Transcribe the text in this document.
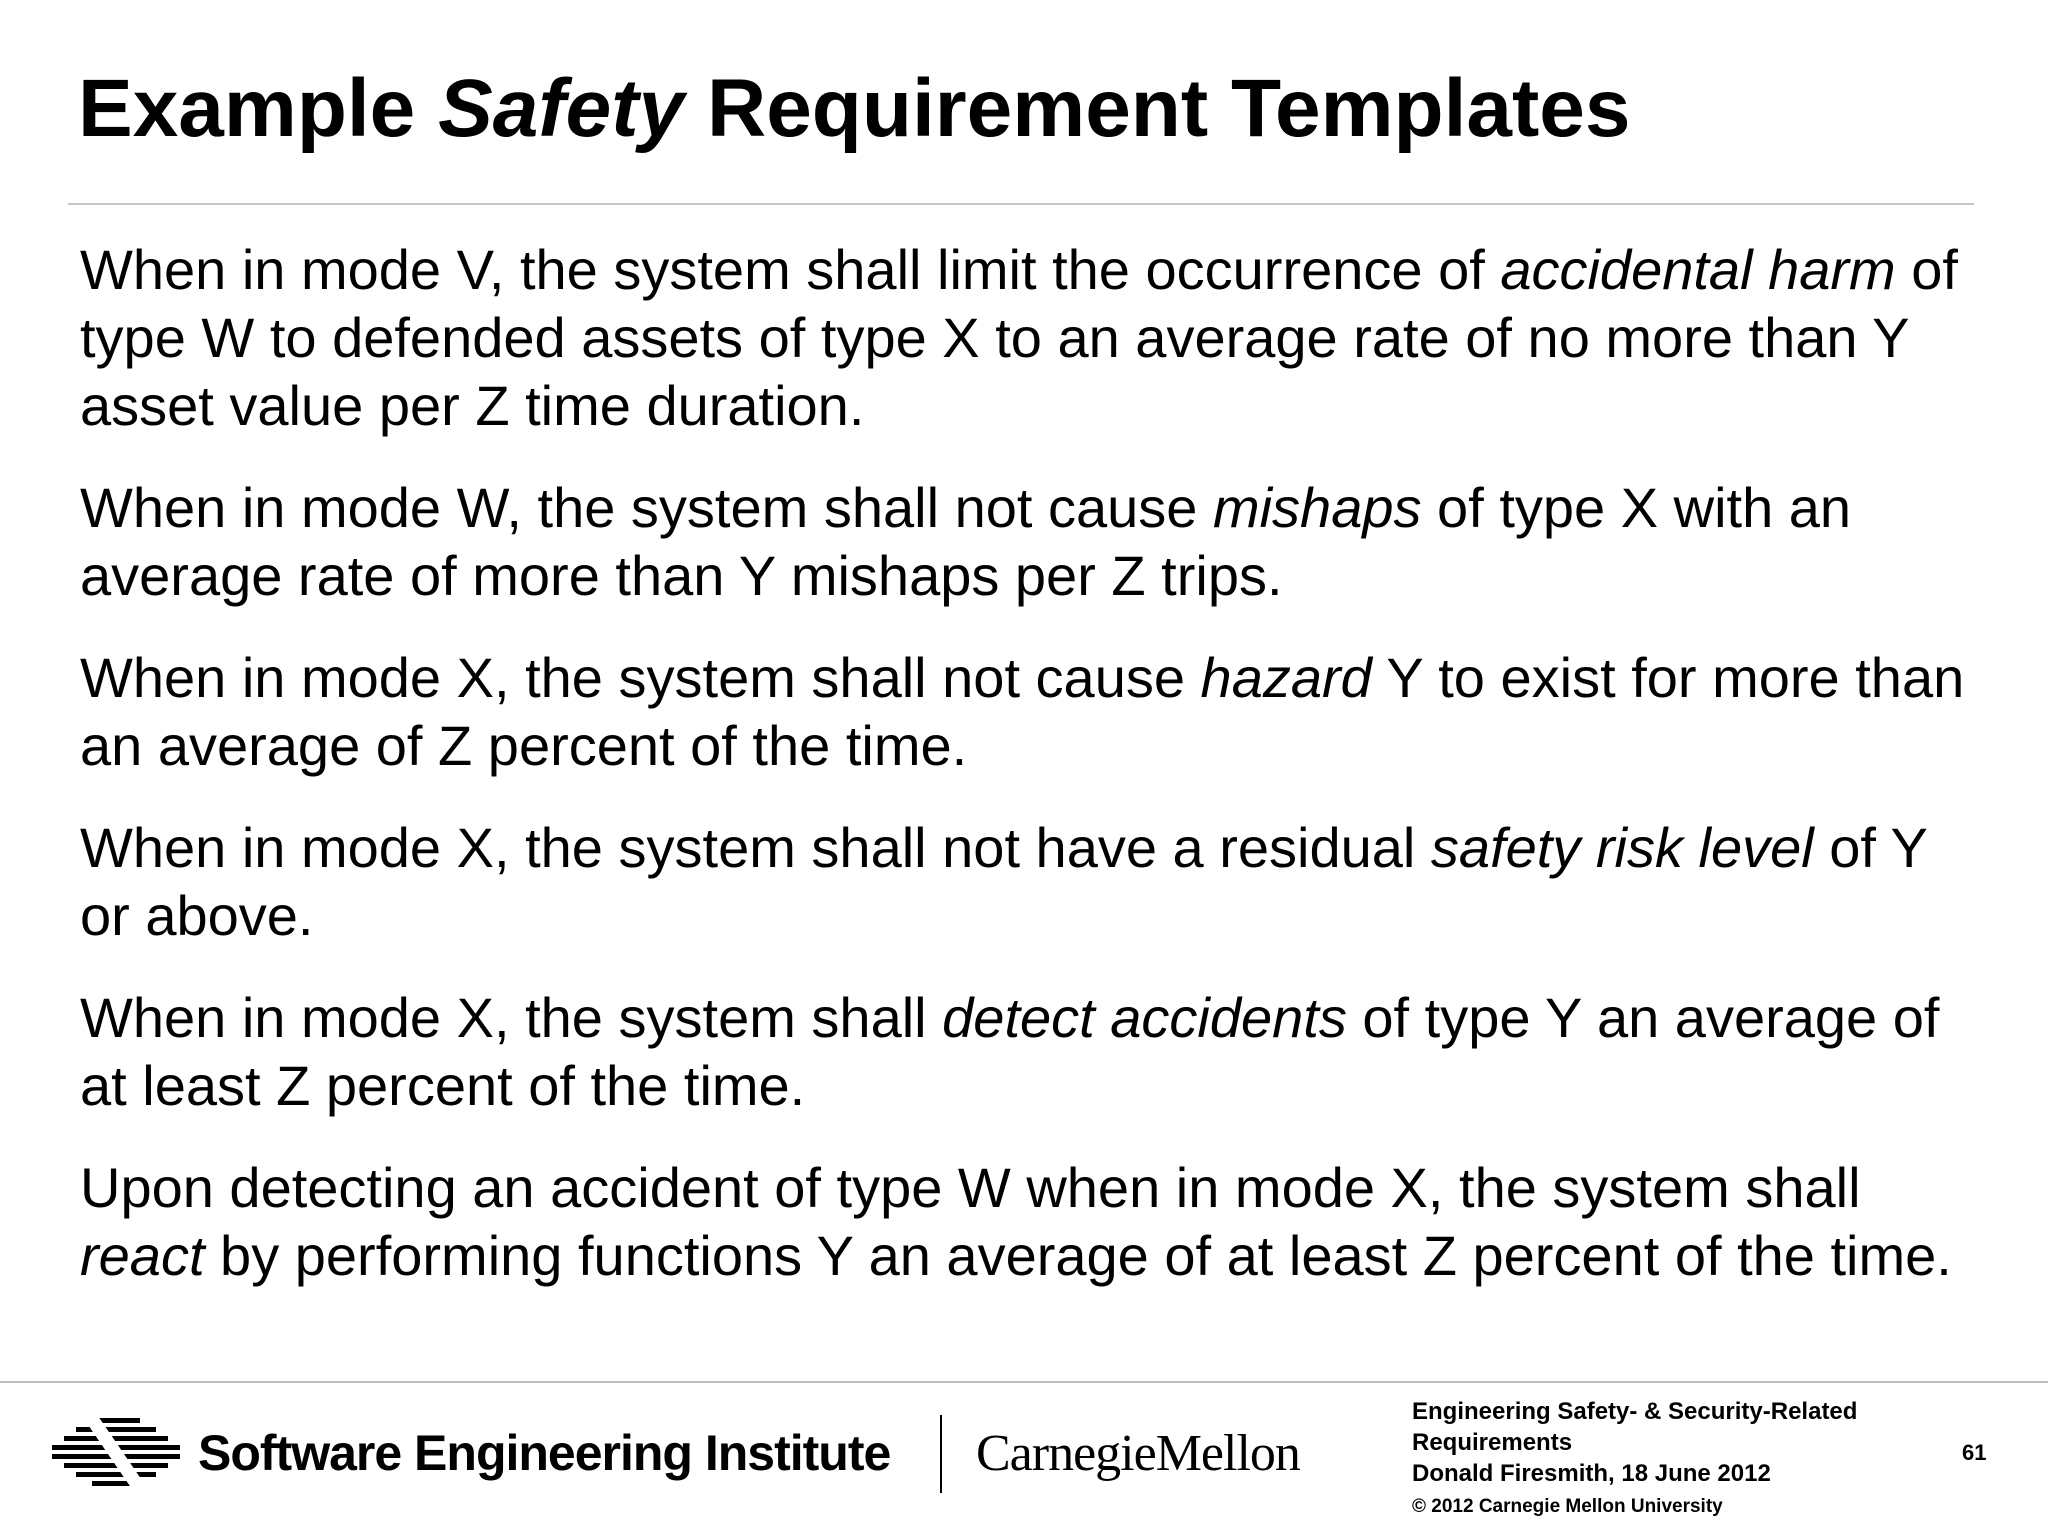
Example Safety Requirement Templates

When in mode V, the system shall limit the occurrence of accidental harm of type W to defended assets of type X to an average rate of no more than Y asset value per Z time duration.

When in mode W, the system shall not cause mishaps of type X with an average rate of more than Y mishaps per Z trips.

When in mode X, the system shall not cause hazard Y to exist for more than an average of Z percent of the time.

When in mode X, the system shall not have a residual safety risk level of Y or above.

When in mode X, the system shall detect accidents of type Y an average of at least Z percent of the time.

Upon detecting an accident of type W when in mode X, the system shall react by performing functions Y an average of at least Z percent of the time.

Software Engineering Institute CarnegieMellon
Engineering Safety- & Security-Related Requirements
Donald Firesmith, 18 June 2012
© 2012 Carnegie Mellon University
61
